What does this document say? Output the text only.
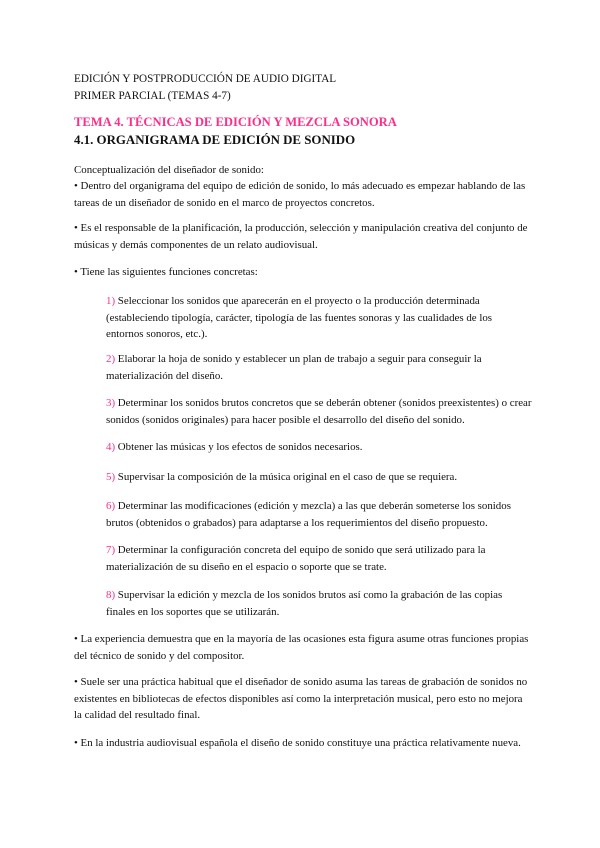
EDICIÓN Y POSTPRODUCCIÓN DE AUDIO DIGITAL
PRIMER PARCIAL (TEMAS 4-7)
TEMA 4. TÉCNICAS DE EDICIÓN Y MEZCLA SONORA
4.1. ORGANIGRAMA DE EDICIÓN DE SONIDO
Conceptualización del diseñador de sonido:
• Dentro del organigrama del equipo de edición de sonido, lo más adecuado es empezar hablando de las tareas de un diseñador de sonido en el marco de proyectos concretos.
• Es el responsable de la planificación, la producción, selección y manipulación creativa del conjunto de músicas y demás componentes de un relato audiovisual.
• Tiene las siguientes funciones concretas:
1) Seleccionar los sonidos que aparecerán en el proyecto o la producción determinada (estableciendo tipología, carácter, tipología de las fuentes sonoras y las cualidades de los entornos sonoros, etc.).
2) Elaborar la hoja de sonido y establecer un plan de trabajo a seguir para conseguir la materialización del diseño.
3) Determinar los sonidos brutos concretos que se deberán obtener (sonidos preexistentes) o crear sonidos (sonidos originales) para hacer posible el desarrollo del diseño del sonido.
4) Obtener las músicas y los efectos de sonidos necesarios.
5) Supervisar la composición de la música original en el caso de que se requiera.
6) Determinar las modificaciones (edición y mezcla) a las que deberán someterse los sonidos brutos (obtenidos o grabados) para adaptarse a los requerimientos del diseño propuesto.
7) Determinar la configuración concreta del equipo de sonido que será utilizado para la materialización de su diseño en el espacio o soporte que se trate.
8) Supervisar la edición y mezcla de los sonidos brutos así como la grabación de las copias finales en los soportes que se utilizarán.
• La experiencia demuestra que en la mayoría de las ocasiones esta figura asume otras funciones propias del técnico de sonido y del compositor.
• Suele ser una práctica habitual que el diseñador de sonido asuma las tareas de grabación de sonidos no existentes en bibliotecas de efectos disponibles así como la interpretación musical, pero esto no mejora la calidad del resultado final.
• En la industria audiovisual española el diseño de sonido constituye una práctica relativamente nueva.
